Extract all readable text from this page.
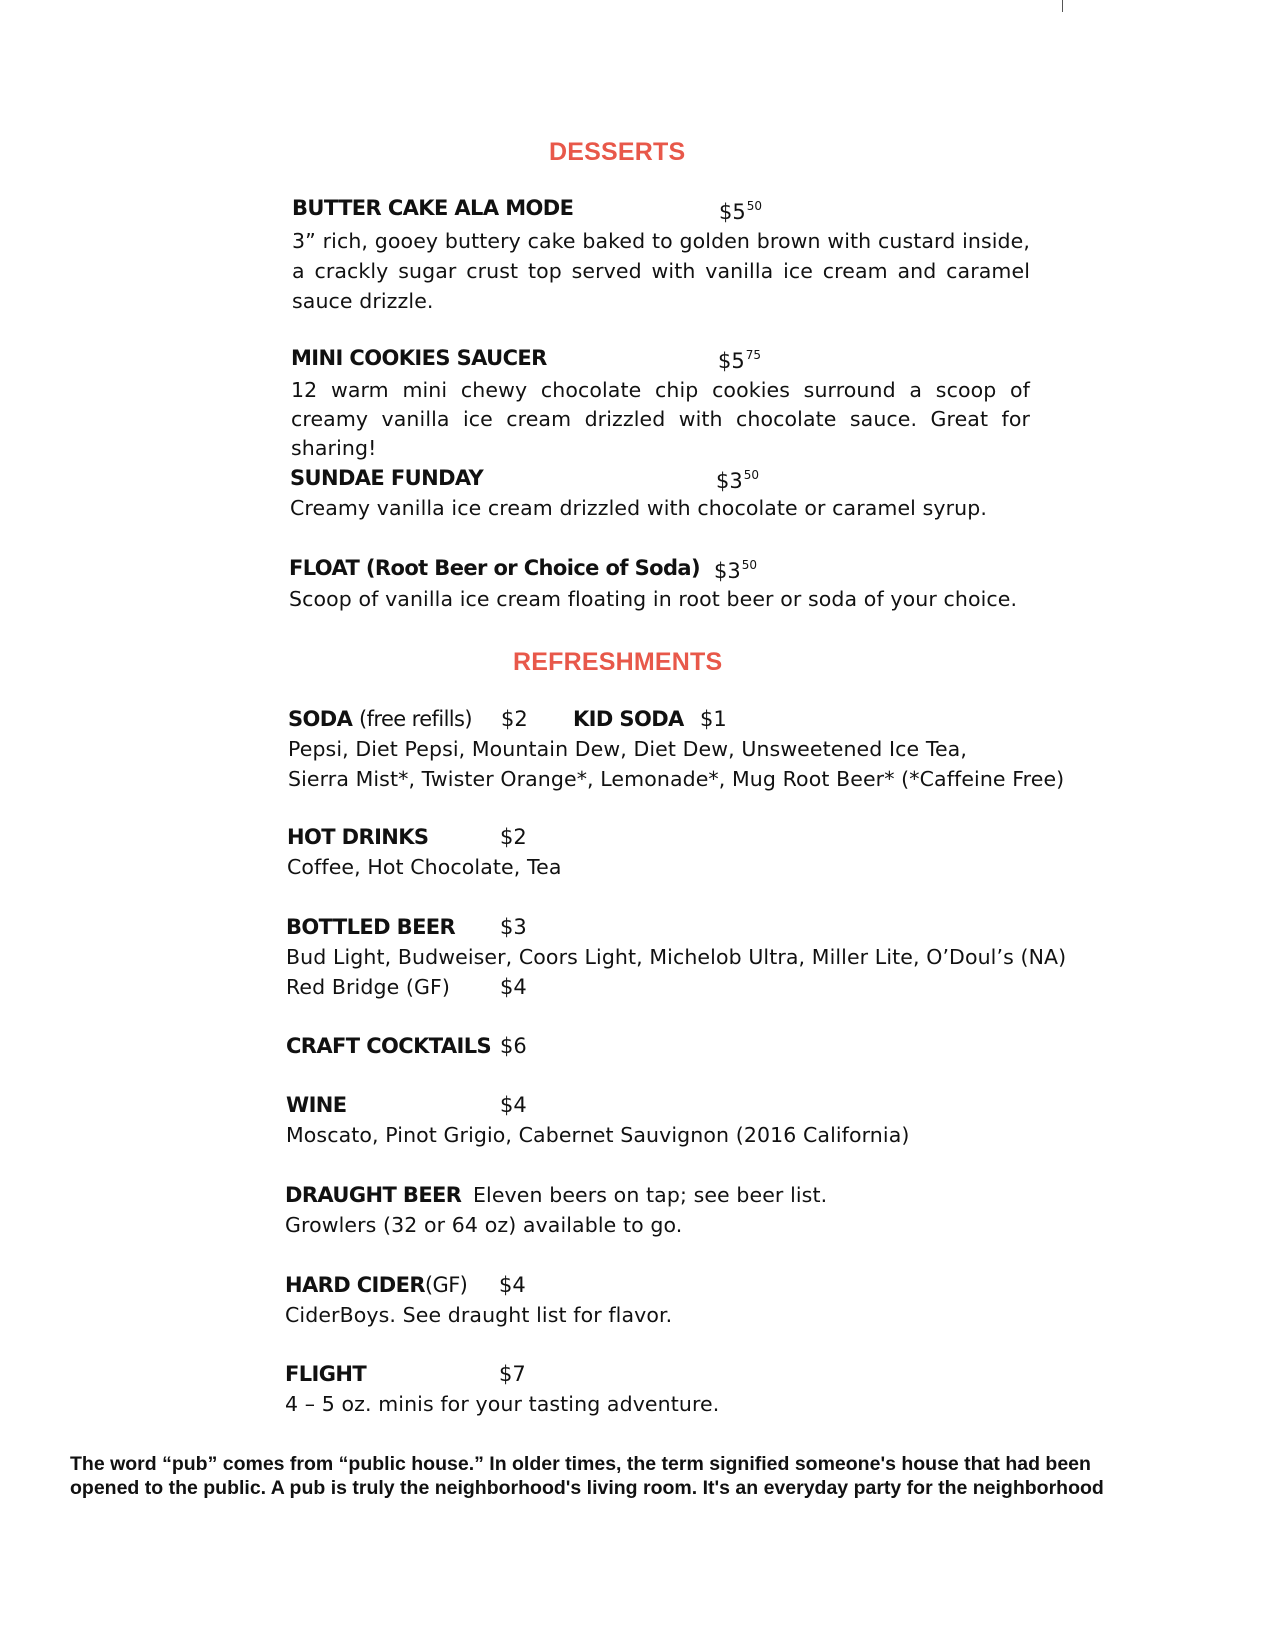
DESSERTS
BUTTER CAKE ALA MODE	$\$5^{50}$
3” rich, gooey buttery cake baked to golden brown with custard inside, a crackly sugar crust top served with vanilla ice cream and caramel sauce drizzle.
MINI COOKIES SAUCER	$\$5^{75}$
12 warm mini chewy chocolate chip cookies surround a scoop of creamy vanilla ice cream drizzled with chocolate sauce. Great for sharing!
SUNDAE FUNDAY	$\$3^{50}$
Creamy vanilla ice cream drizzled with chocolate or caramel syrup.
FLOAT (Root Beer or Choice of Soda) $\$3^{50}$
Scoop of vanilla ice cream floating in root beer or soda of your choice.
REFRESHMENTS
SODA (free refills) $2 KID SODA $1
Pepsi, Diet Pepsi, Mountain Dew, Diet Dew, Unsweetened Ice Tea,
Sierra Mist*, Twister Orange*, Lemonade*, Mug Root Beer* (*Caffeine Free)
HOT DRINKS	$2
Coffee, Hot Chocolate, Tea
BOTTLED BEER $3
Bud Light, Budweiser, Coors Light, Michelob Ultra, Miller Lite, O’Doul’s (NA)
Red Bridge (GF) $4
CRAFT COCKTAILS $6
WINE	$4
Moscato, Pinot Grigio, Cabernet Sauvignon (2016 California)
DRAUGHT BEER Eleven beers on tap; see beer list.
Growlers (32 or 64 oz) available to go.
HARD CIDER(GF) $4
CiderBoys. See draught list for flavor.
FLIGHT	$7
4 – 5 oz. minis for your tasting adventure.
The word “pub” comes from “public house.” In older times, the term signified someone's house that had been opened to the public. A pub is truly the neighborhood's living room. It's an everyday party for the neighborhood
